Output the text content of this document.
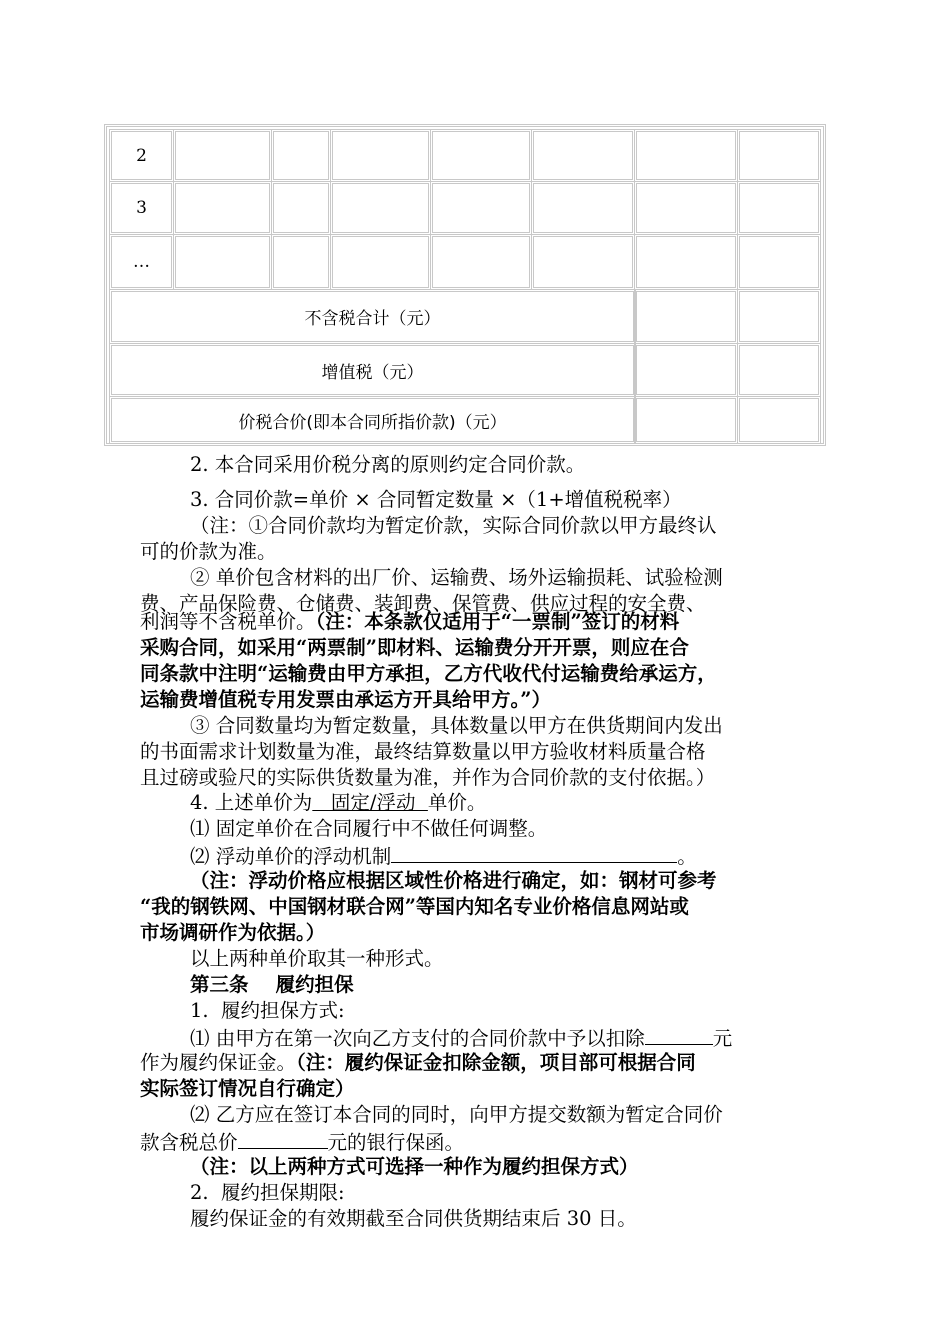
2
3
…
不含税合计（元）
增值税（元）
价税合价(即本合同所指价款)（元）
2. 本合同采用价税分离的原则约定合同价款。
3. 合同价款=单价 × 合同暂定数量 ×（1+增值税税率）
（注：①合同价款均为暂定价款，实际合同价款以甲方最终认
可的价款为准。
② 单价包含材料的出厂价、运输费、场外运输损耗、试验检测
费、产品保险费、仓储费、装卸费、保管费、供应过程的安全费、
利润等不含税单价。（注：本条款仅适用于“一票制”签订的材料
采购合同，如采用“两票制”即材料、运输费分开开票，则应在合
同条款中注明“运输费由甲方承担，乙方代收代付运输费给承运方，
运输费增值税专用发票由承运方开具给甲方。”）
③ 合同数量均为暂定数量，具体数量以甲方在供货期间内发出
的书面需求计划数量为准，最终结算数量以甲方验收材料质量合格
且过磅或验尺的实际供货数量为准，并作为合同价款的支付依据。）
4. 上述单价为   固定/浮动  单价。
⑴ 固定单价在合同履行中不做任何调整。
⑵ 浮动单价的浮动机制	。
（注：浮动价格应根据区域性价格进行确定，如：钢材可参考
“我的钢铁网、中国钢材联合网”等国内知名专业价格信息网站或
市场调研作为依据。）
以上两种单价取其一种形式。
第三条    履约担保
1.  履约担保方式:
⑴ 由甲方在第一次向乙方支付的合同价款中予以扣除	元
作为履约保证金。（注：履约保证金扣除金额，项目部可根据合同
实际签订情况自行确定）
⑵ 乙方应在签订本合同的同时，向甲方提交数额为暂定合同价
款含税总价	元的银行保函。
（注：以上两种方式可选择一种作为履约担保方式）
2.  履约担保期限:
履约保证金的有效期截至合同供货期结束后 30 日。
